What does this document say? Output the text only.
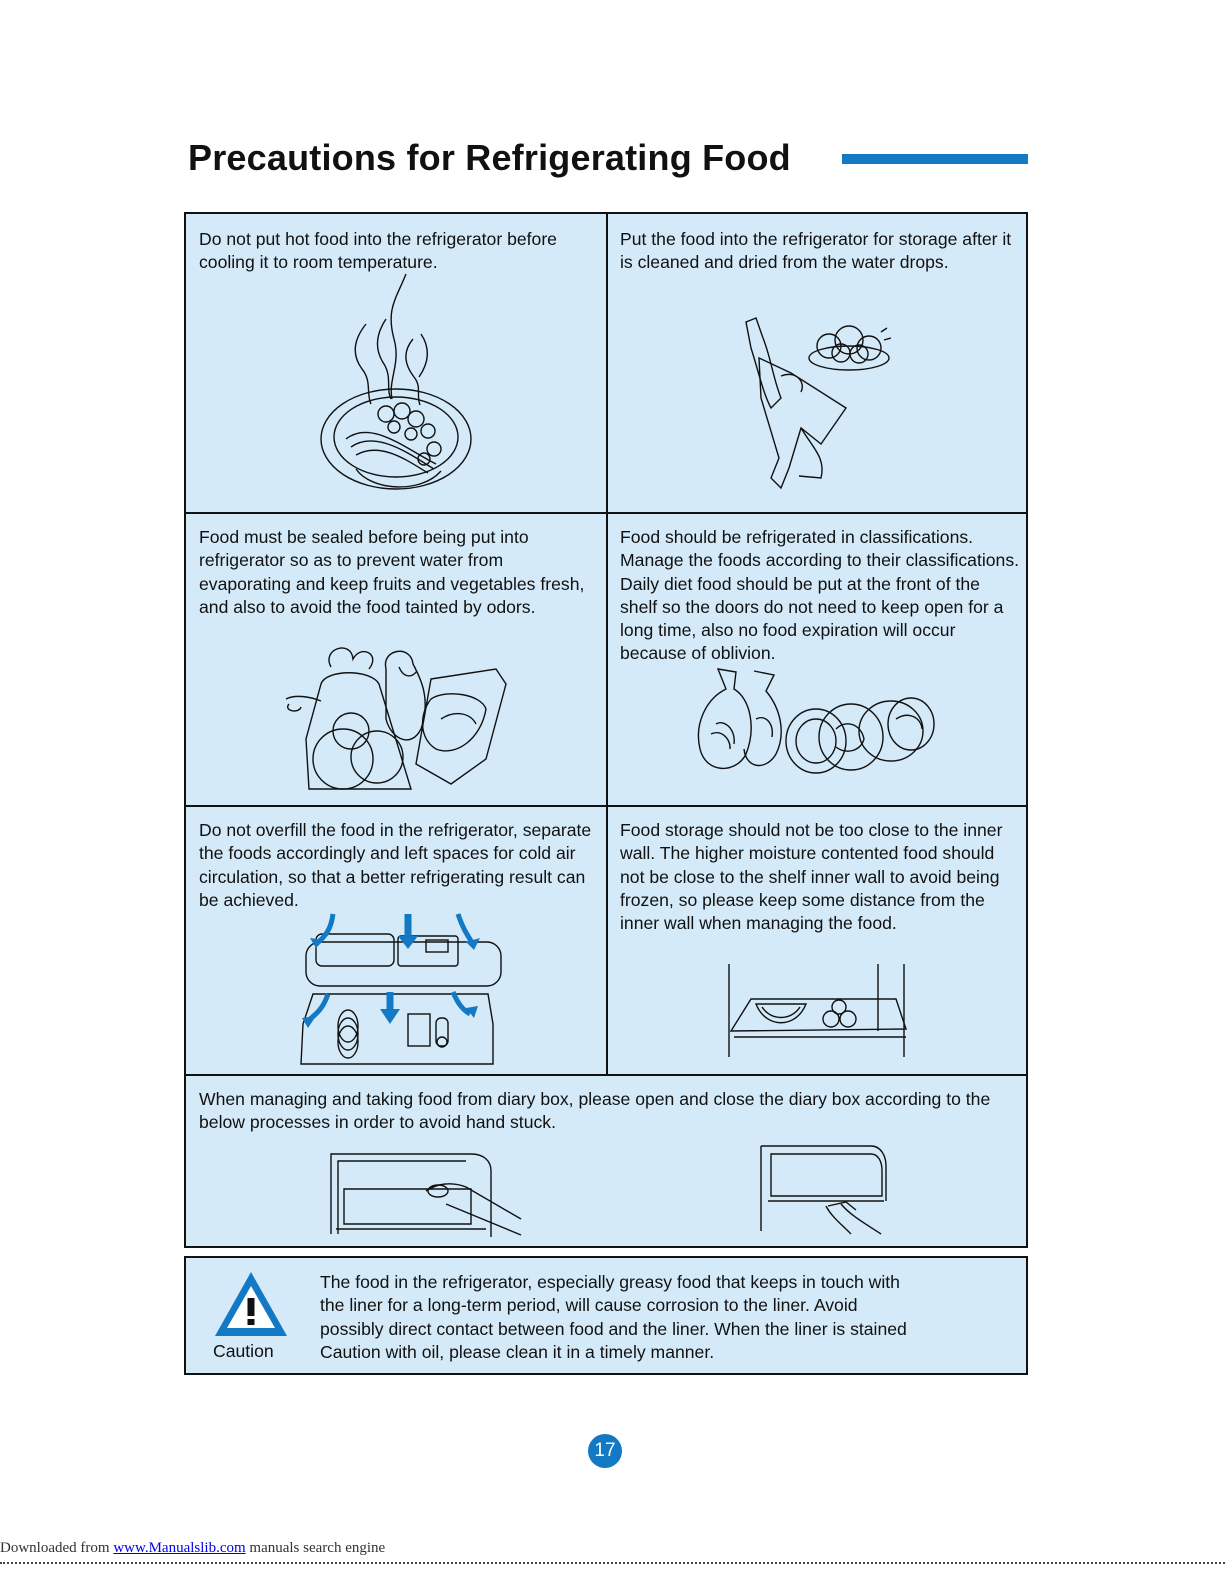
Precautions for Refrigerating Food
Do not put hot food into the refrigerator before cooling it to room temperature.
Put the food into the refrigerator for storage after it is cleaned and dried from the water drops.
Food must be sealed before being put into refrigerator so as to prevent water from evaporating and keep fruits and vegetables fresh, and also to avoid the food tainted by odors.
Food should be refrigerated in classifications. Manage the foods according to their classifications. Daily diet food should be put at the front of the shelf so the doors do not need to keep open for a long time, also no food expiration will occur because of oblivion.
Do not overfill the food in the refrigerator, separate the foods accordingly and left spaces for cold air circulation, so that a better refrigerating result can be achieved.
Food storage should not be too close to the inner wall. The higher moisture contented food should not be close to the shelf inner wall to avoid being frozen, so please keep some distance from the inner wall when managing the food.
When managing and taking food from diary box, please open and close the diary box according to the below processes in order to avoid hand stuck.
Caution
The food in the refrigerator, especially greasy food that keeps in touch with
the liner for a long-term period, will cause corrosion to the liner. Avoid
possibly direct contact between food and the liner. When the liner is stained
Caution with oil, please clean it in a timely manner.
17
Downloaded from www.Manualslib.com manuals search engine
